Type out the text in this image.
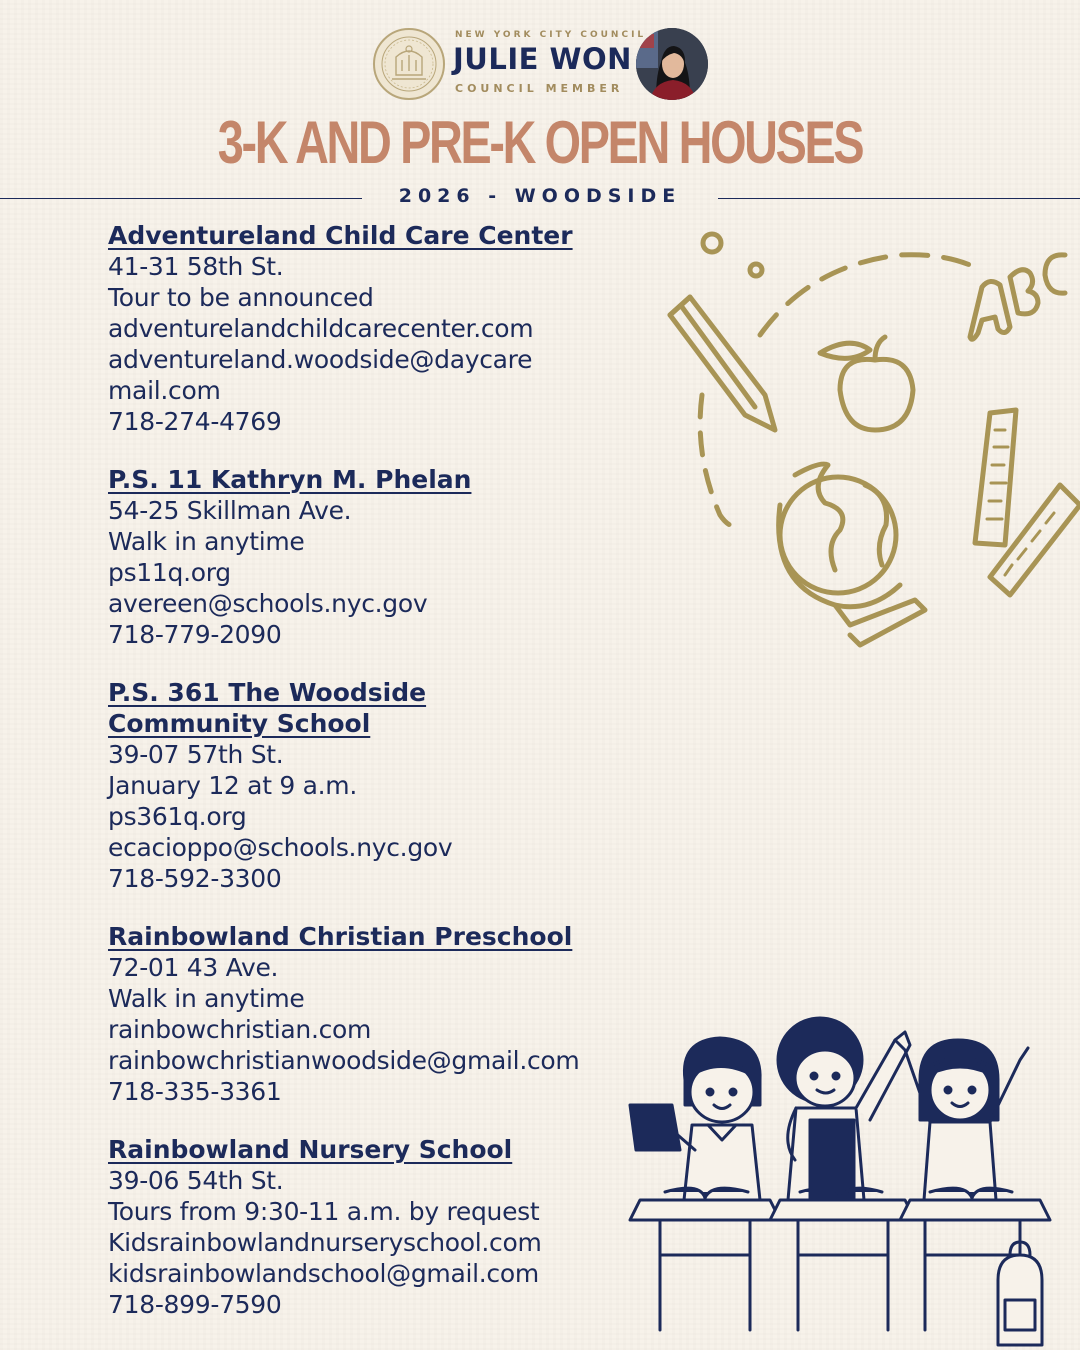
NEW YORK CITY COUNCIL
JULIE WON
COUNCIL MEMBER
3-K AND PRE-K OPEN HOUSES
2026 - WOODSIDE
Adventureland Child Care Center
41-31 58th St.
Tour to be announced
adventurelandchildcarecenter.com
adventureland.woodside@daycare
mail.com
718-274-4769
P.S. 11 Kathryn M. Phelan
54-25 Skillman Ave.
Walk in anytime
ps11q.org
avereen@schools.nyc.gov
718-779-2090
P.S. 361 The Woodside
Community School
39-07 57th St.
January 12 at 9 a.m.
ps361q.org
ecacioppo@schools.nyc.gov
718-592-3300
Rainbowland Christian Preschool
72-01 43 Ave.
Walk in anytime
rainbowchristian.com
rainbowchristianwoodside@gmail.com
718-335-3361
Rainbowland Nursery School
39-06 54th St.
Tours from 9:30-11 a.m. by request
Kidsrainbowlandnurseryschool.com
kidsrainbowlandschool@gmail.com
718-899-7590
